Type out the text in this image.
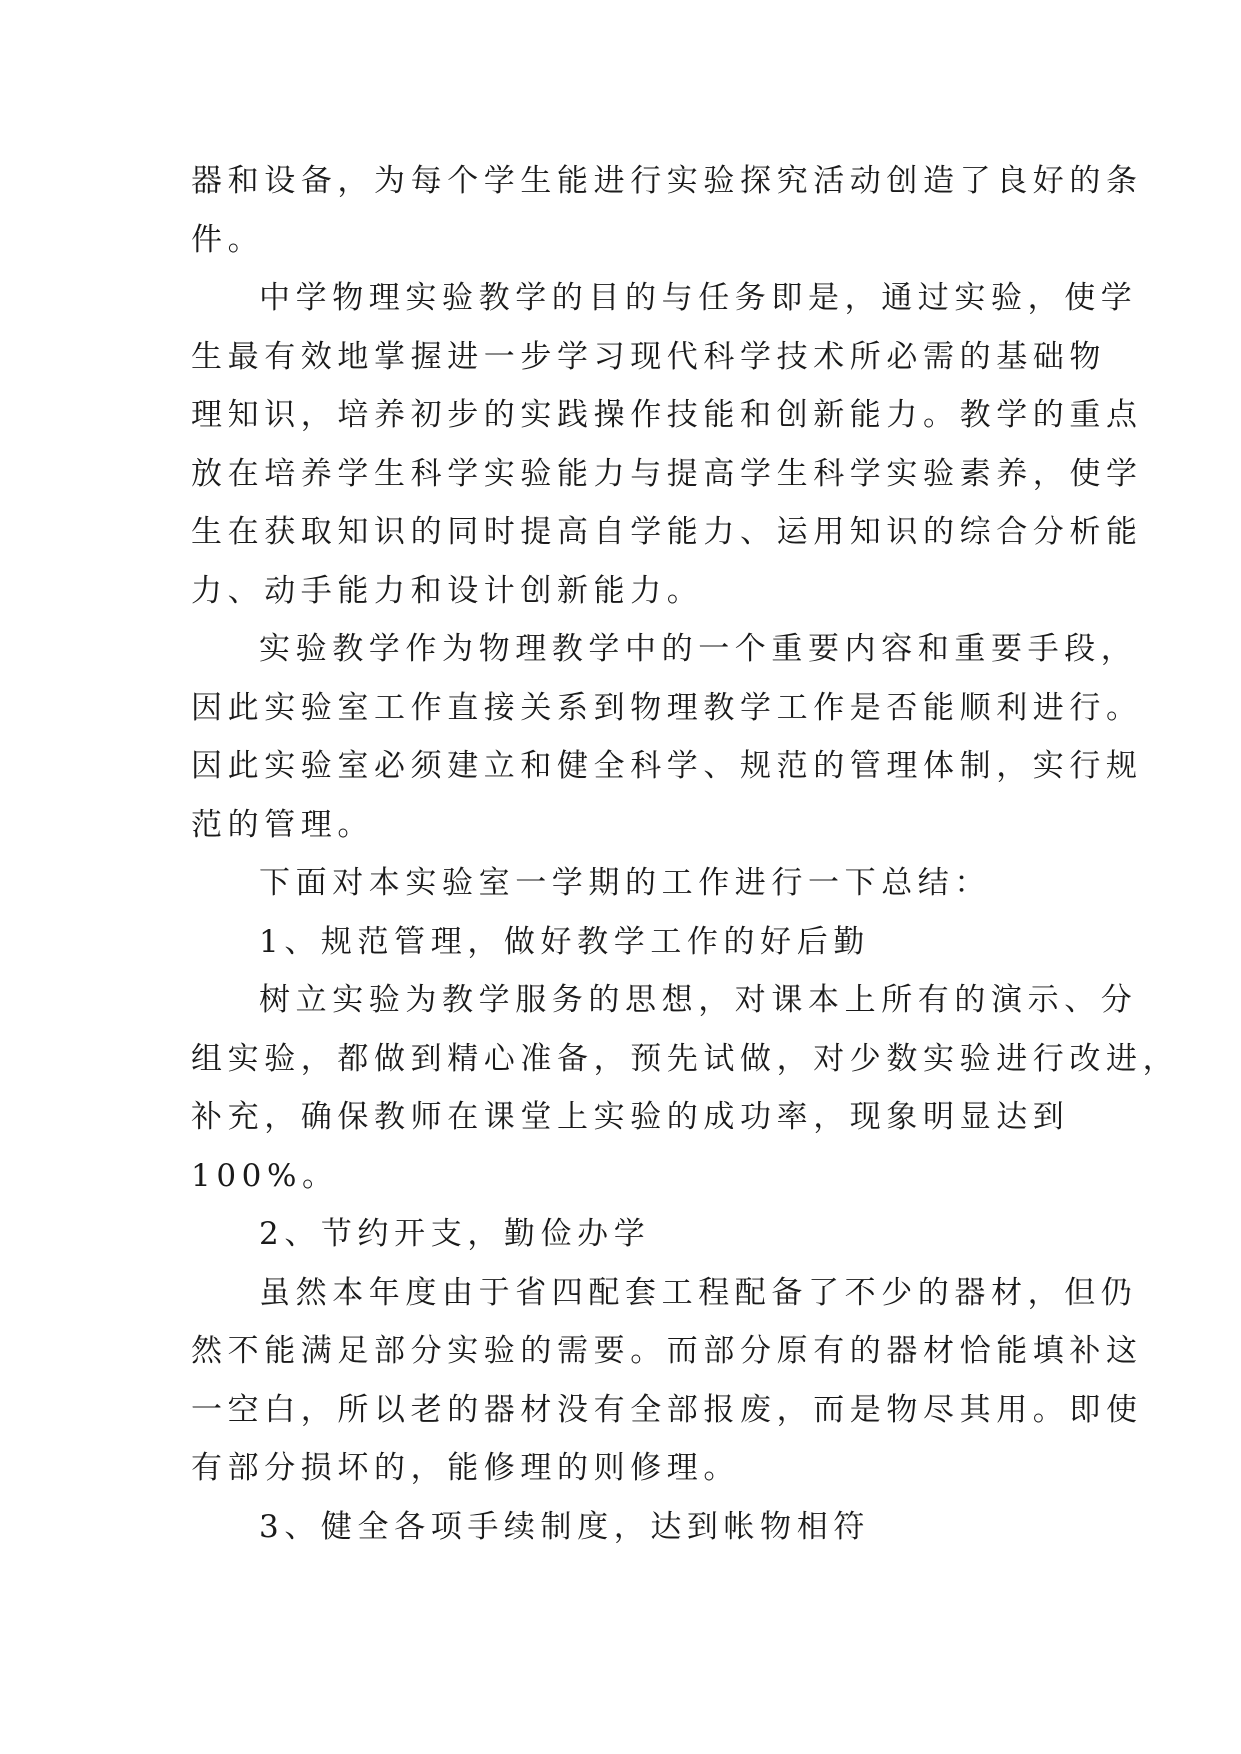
器和设备，为每个学生能进行实验探究活动创造了良好的条
件。
中学物理实验教学的目的与任务即是，通过实验，使学
生最有效地掌握进一步学习现代科学技术所必需的基础物
理知识，培养初步的实践操作技能和创新能力。教学的重点
放在培养学生科学实验能力与提高学生科学实验素养，使学
生在获取知识的同时提高自学能力、运用知识的综合分析能
力、动手能力和设计创新能力。
实验教学作为物理教学中的一个重要内容和重要手段，
因此实验室工作直接关系到物理教学工作是否能顺利进行。
因此实验室必须建立和健全科学、规范的管理体制，实行规
范的管理。
下面对本实验室一学期的工作进行一下总结：
1、规范管理，做好教学工作的好后勤
树立实验为教学服务的思想，对课本上所有的演示、分
组实验，都做到精心准备，预先试做，对少数实验进行改进，
补充，确保教师在课堂上实验的成功率，现象明显达到
100%。
2、节约开支，勤俭办学
虽然本年度由于省四配套工程配备了不少的器材，但仍
然不能满足部分实验的需要。而部分原有的器材恰能填补这
一空白，所以老的器材没有全部报废，而是物尽其用。即使
有部分损坏的，能修理的则修理。
3、健全各项手续制度，达到帐物相符
